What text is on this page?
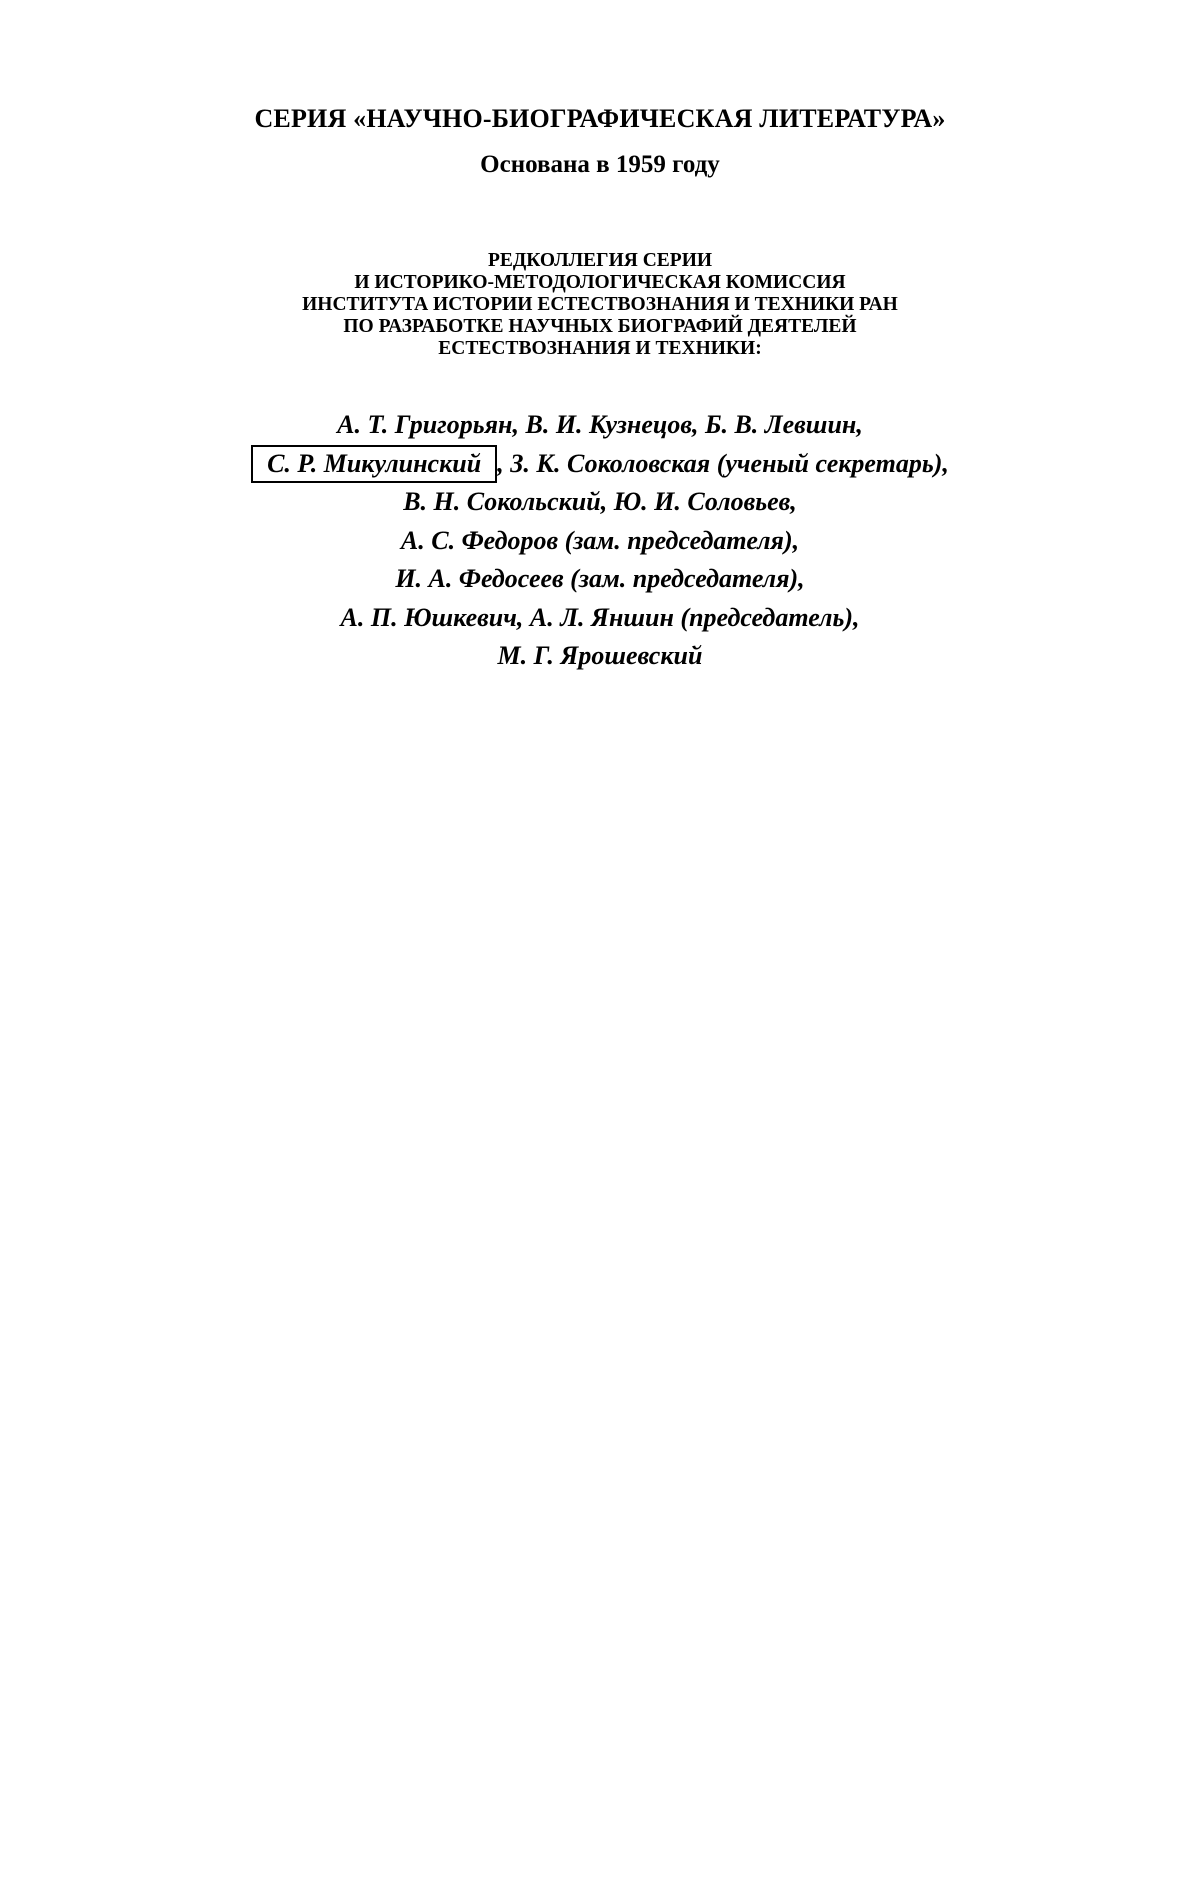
СЕРИЯ «НАУЧНО-БИОГРАФИЧЕСКАЯ ЛИТЕРАТУРА»
Основана в 1959 году
РЕДКОЛЛЕГИЯ СЕРИИ
И ИСТОРИКО-МЕТОДОЛОГИЧЕСКАЯ КОМИССИЯ
ИНСТИТУТА ИСТОРИИ ЕСТЕСТВОЗНАНИЯ И ТЕХНИКИ РАН
ПО РАЗРАБОТКЕ НАУЧНЫХ БИОГРАФИЙ ДЕЯТЕЛЕЙ
ЕСТЕСТВОЗНАНИЯ И ТЕХНИКИ:
А. Т. Григорьян, В. И. Кузнецов, Б. В. Левшин,
С. Р. Микулинский , З. К. Соколовская (ученый секретарь),
В. Н. Сокольский, Ю. И. Соловьев,
А. С. Федоров (зам. председателя),
И. А. Федосеев (зам. председателя),
А. П. Юшкевич, А. Л. Яншин (председатель),
М. Г. Ярошевский
